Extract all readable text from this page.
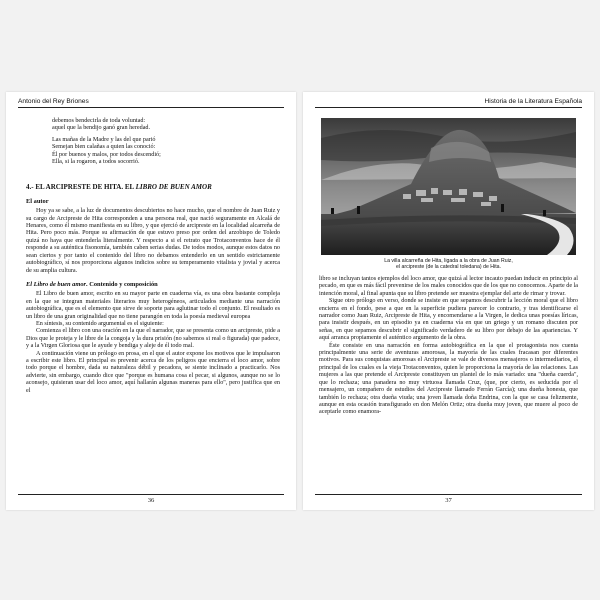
Antonio del Rey Briones

debemos bendecirla de toda voluntad:

aquel que la bendijo ganó gran heredad.

Las mañas de la Madre y las del que parió

Semejan bien calañas a quien las conoció:

Él por buenos y malos, por todos descendió;

Ella, si la rogaron, a todos socorrió.

4.- EL ARCIPRESTE DE HITA. EL LIBRO DE BUEN AMOR
El autor

Hoy ya se sabe, a la luz de documentos descubiertos no hace mucho, que el nombre de Juan Ruiz y su cargo de Arcipreste de Hita corresponden a una persona real, que nació seguramente en Alcalá de Henares, como él mismo manifiesta en su libro, y que ejerció de arcipreste en la localidad alcarreña de Hita. Pero poco más. Porque su afirmación de que estuvo preso por orden del arzobispo de Toledo quizá no haya que entenderla literalmente. Y respecto a si el retrato que Trotaconventos hace de él responde a su auténtica fisonomía, también caben serias dudas. De todos modos, aunque estos datos no sean ciertos y por tanto el contenido del libro no debamos entenderlo en un sentido estrictamente autobiográfico, sí nos proporciona algunos indicios sobre su temperamento vitalista y jovial y acerca de su amplia cultura.

El Libro de buen amor. Contenido y composición

El Libro de buen amor, escrito en su mayor parte en cuaderna vía, es una obra bastante compleja en la que se integran materiales literarios muy heterogéneos, articulados mediante una narración autobiográfica, que es el elemento que sirve de soporte para aglutinar todo el conjunto. El resultado es un libro de una gran originalidad que no tiene parangón en toda la poesía medieval europea

En síntesis, su contenido argumental es el siguiente:

Comienza el libro con una oración en la que el narrador, que se presenta como un arcipreste, pide a Dios que le proteja y le libre de la congoja y la dura prisión (no sabemos si real o figurada) que padece, y a la Virgen Gloriosa que le ayude y bendiga y aleje de él todo mal.

A continuación viene un prólogo en prosa, en el que el autor expone los motivos que le impulsaron a escribir este libro. El principal es prevenir acerca de los peligros que encierra el loco amor, sobre todo porque el hombre, dada su naturaleza débil y pecadora, se siente inclinado a practicarlo. Nos advierte, sin embargo, cuando dice que "porque es humana cosa el pecar, si algunos, aunque no se lo aconsejo, quisieran usar del loco amor, aquí hallarán algunas maneras para ello", pero justifica que en el

36
Historia de la Literatura Española

La villa alcarreña de Hita, ligada a la obra de Juan Ruiz,

el arcipreste (de la catedral toledana) de Hita.

libro se incluyan tantos ejemplos del loco amor, que quizá al lector incauto puedan inducir en principio al pecado, en que es más fácil prevenirse de los males conocidos que de los que no conocemos. Aparte de la intención moral, al final apunta que su libro pretende ser muestra ejemplar del arte de rimar y trovar.

Sigue otro prólogo en verso, donde se insiste en que sepamos descubrir la lección moral que el libro encierra en el fondo, pese a que en la superficie pudiera parecer lo contrario, y tras identificarse el narrador como Juan Ruiz, Arcipreste de Hita, y encomendarse a la Virgen, le dedica unas poesías líricas, para insistir después, en un episodio ya en cuaderna vía en que un griego y un romano discuten por señas, en que sepamos descubrir el significado verdadero de su libro por debajo de las apariencias. Y aquí arranca propiamente el auténtico argumento de la obra.

Éste consiste en una narración en forma autobiográfica en la que el protagonista nos cuenta principalmente una serie de aventuras amorosas, la mayoría de las cuales fracasan por diferentes motivos. Para sus conquistas amorosas el Arcipreste se vale de diversos mensajeros o intermediarios, el principal de los cuales es la vieja Trotaconventos, quien le proporciona la mayoría de las relaciones. Las mujeres a las que pretende el Arcipreste constituyen un plantel de lo más variado: una "dueña cuerda", que lo rechaza; una panadera no muy virtuosa llamada Cruz, (que, por cierto, es seducida por el mensajero, un compañero de estudios del Arcipreste llamado Ferrán García); una dueña honesta, que también lo rechaza; otra dueña viuda; una joven llamada doña Endrina, con la que se casa felizmente, aunque en esta ocasión transfigurado en don Melón Ortiz; otra dueña muy joven, que muere al poco de aceptarle como enamora-

37
